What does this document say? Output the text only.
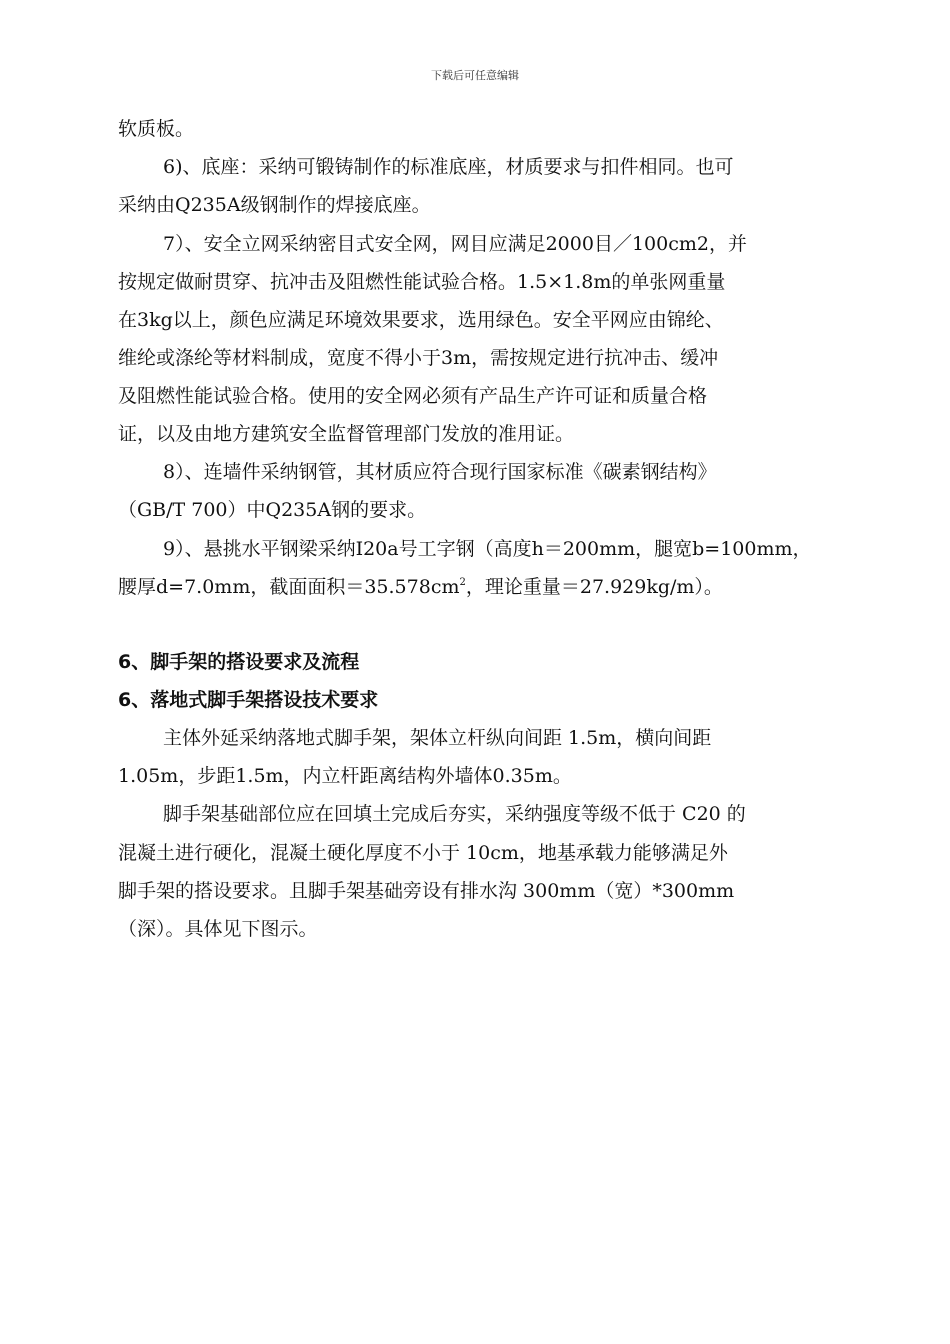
下载后可任意编辑
软质板。
6)、底座：采纳可锻铸制作的标准底座，材质要求与扣件相同。也可
采纳由Q235A级钢制作的焊接底座。
7）、安全立网采纳密目式安全网，网目应满足2000目／100cm2，并
按规定做耐贯穿、抗冲击及阻燃性能试验合格。1.5×1.8m的单张网重量
在3kg以上，颜色应满足环境效果要求，选用绿色。安全平网应由锦纶、
维纶或涤纶等材料制成，宽度不得小于3m，需按规定进行抗冲击、缓冲
及阻燃性能试验合格。使用的安全网必须有产品生产许可证和质量合格
证，以及由地方建筑安全监督管理部门发放的准用证。
8）、连墙件采纳钢管，其材质应符合现行国家标准《碳素钢结构》
（GB/T 700）中Q235A钢的要求。
9）、悬挑水平钢梁采纳I20a号工字钢（高度h＝200mm，腿宽b=100mm，
腰厚d=7.0mm，截面面积$=35.578cm^2$，理论重量＝27.929kg/m）。
6、脚手架的搭设要求及流程
6、落地式脚手架搭设技术要求
主体外延采纳落地式脚手架，架体立杆纵向间距 1.5m，横向间距
1.05m，步距1.5m，内立杆距离结构外墙体0.35m。
脚手架基础部位应在回填土完成后夯实，采纳强度等级不低于 C20 的
混凝土进行硬化，混凝土硬化厚度不小于 10cm，地基承载力能够满足外
脚手架的搭设要求。且脚手架基础旁设有排水沟 300mm（宽）*300mm
（深）。具体见下图示。
